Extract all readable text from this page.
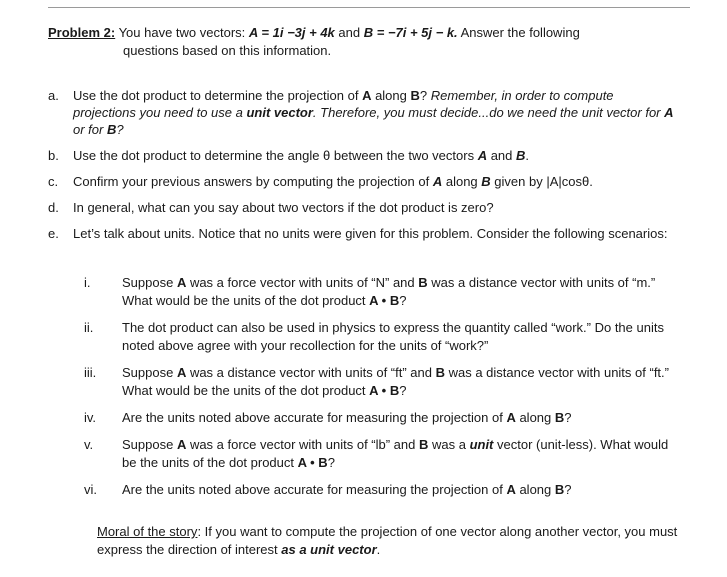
Problem 2: You have two vectors: A = 1i −3j + 4k and B = −7i + 5j − k. Answer the following
questions based on this information.
a. Use the dot product to determine the projection of A along B? Remember, in order to compute projections you need to use a unit vector. Therefore, you must decide...do we need the unit vector for A or for B?
b. Use the dot product to determine the angle θ between the two vectors A and B.
c. Confirm your previous answers by computing the projection of A along B given by |A|cosθ.
d. In general, what can you say about two vectors if the dot product is zero?
e. Let’s talk about units. Notice that no units were given for this problem. Consider the following scenarios:
i.	Suppose A was a force vector with units of “N” and B was a distance vector with units of “m.” What would be the units of the dot product A • B?
ii.	The dot product can also be used in physics to express the quantity called “work.” Do the units noted above agree with your recollection for the units of “work?”
iii.	Suppose A was a distance vector with units of “ft” and B was a distance vector with units of “ft.” What would be the units of the dot product A • B?
iv.	Are the units noted above accurate for measuring the projection of A along B?
v.	Suppose A was a force vector with units of “lb” and B was a unit vector (unit-less). What would be the units of the dot product A • B?
vi.	Are the units noted above accurate for measuring the projection of A along B?
Moral of the story: If you want to compute the projection of one vector along another vector, you must express the direction of interest as a unit vector.
